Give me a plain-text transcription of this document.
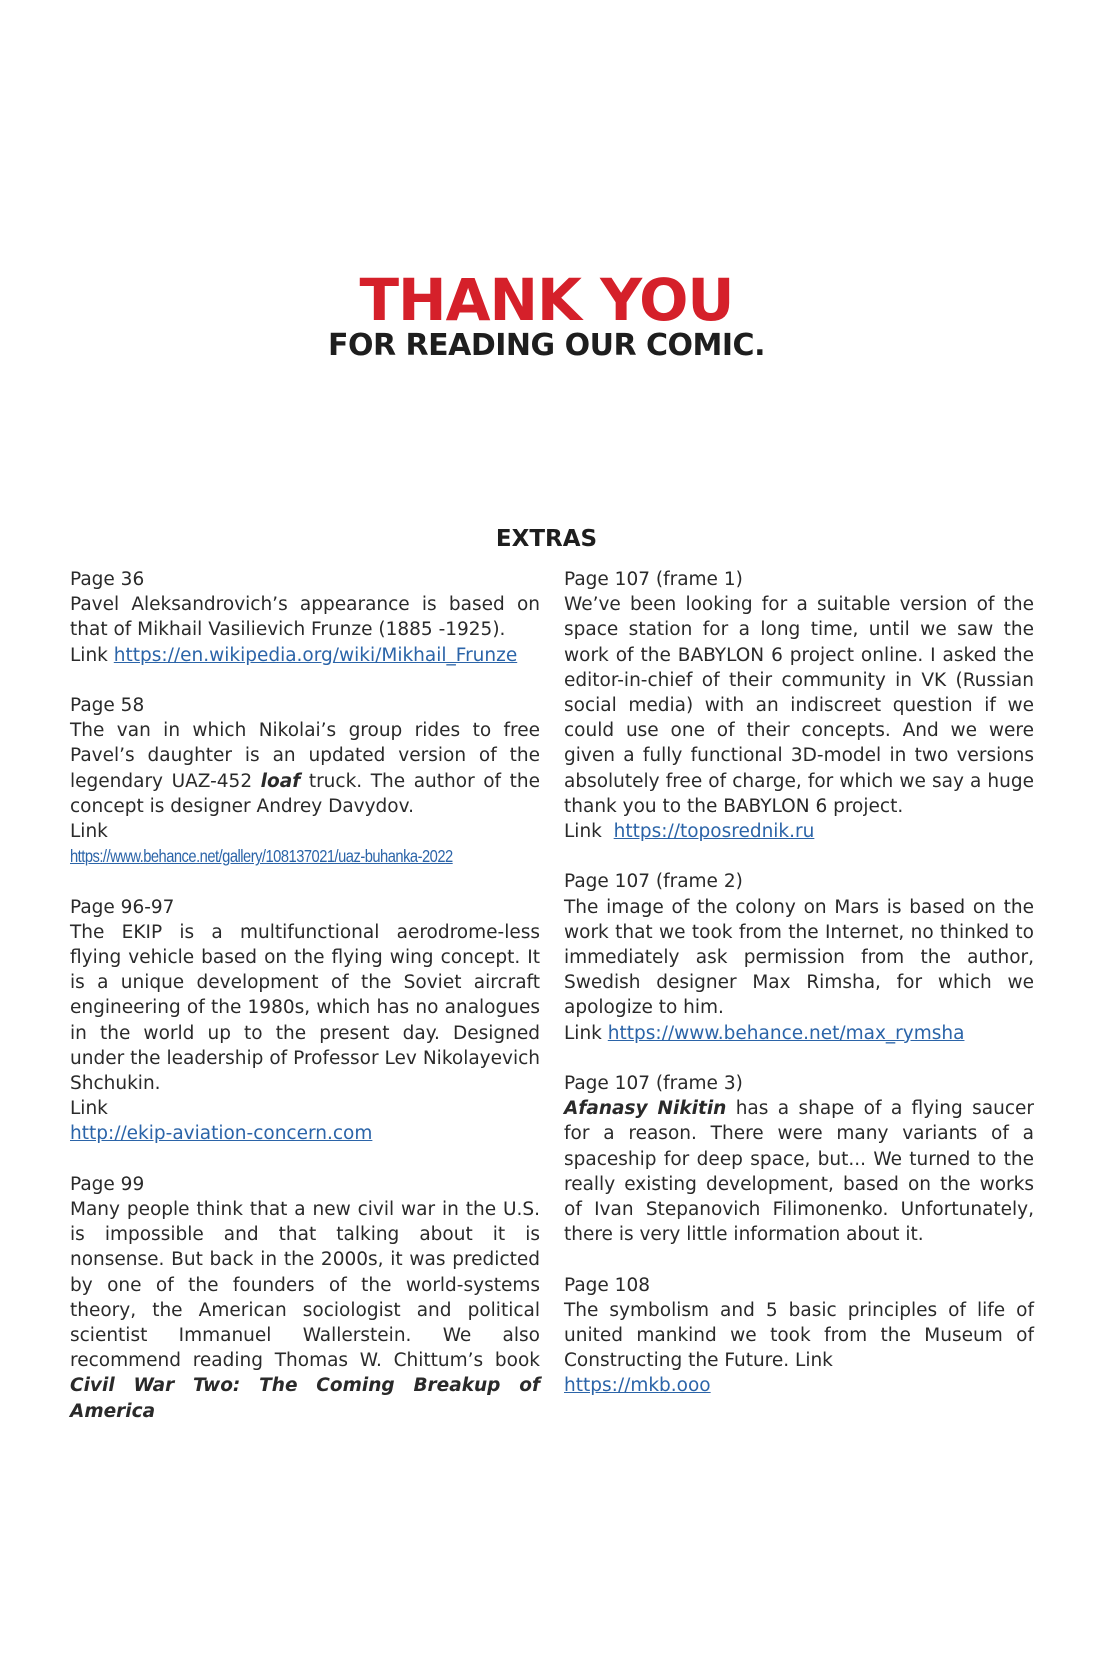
THANK YOU
FOR READING OUR COMIC.
EXTRAS

Page 36

Pavel Aleksandrovich’s appearance is based on that of Mikhail Vasilievich Frunze (1885 -1925).

Link https://en.wikipedia.org/wiki/Mikhail_Frunze

Page 58

The van in which Nikolai’s group rides to free Pavel’s daughter is an updated version of the legendary UAZ-452 loaf truck. The author of the concept is designer Andrey Davydov.

Link

https://www.behance.net/gallery/108137021/uaz-buhanka-2022

Page 96-97

The EKIP is a multifunctional aerodrome-less flying vehicle based on the flying wing concept. It is a unique development of the Soviet aircraft engineering of the 1980s, which has no analogues in the world up to the present day. Designed under the leadership of Professor Lev Nikolayevich Shchukin.

Link

http://ekip-aviation-concern.com

Page 99

Many people think that a new civil war in the U.S. is impossible and that talking about it is nonsense. But back in the 2000s, it was predicted by one of the founders of the world-systems theory, the American sociologist and political scientist Immanuel Wallerstein. We also recommend reading Thomas W. Chittum’s book Civil War Two: The Coming Breakup of America

Page 107 (frame 1)

We’ve been looking for a suitable version of the space station for a long time, until we saw the work of the BABYLON 6 project online. I asked the editor-in-chief of their community in VK (Russian social media) with an indiscreet question if we could use one of their concepts. And we were given a fully functional 3D-model in two versions absolutely free of charge, for which we say a huge thank you to the BABYLON 6 project.

Link https://toposrednik.ru

Page 107 (frame 2)

The image of the colony on Mars is based on the work that we took from the Internet, no thinked to immediately ask permission from the author, Swedish designer Max Rimsha, for which we apologize to him.

Link https://www.behance.net/max_rymsha

Page 107 (frame 3)

Afanasy Nikitin has a shape of a flying saucer for a reason. There were many variants of a spaceship for deep space, but... We turned to the really existing development, based on the works of Ivan Stepanovich Filimonenko. Unfortunately, there is very little information about it.

Page 108

The symbolism and 5 basic principles of life of united mankind we took from the Museum of Constructing the Future. Link

https://mkb.ooo
